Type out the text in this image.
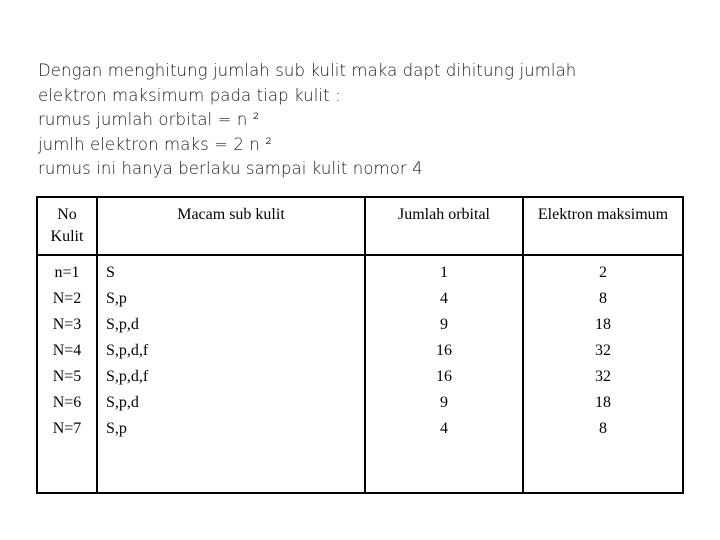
Dengan menghitung jumlah sub kulit maka dapt dihitung jumlah
elektron maksimum pada tiap kulit :
rumus jumlah orbital = n ²
jumlh elektron maks = 2 n ²
rumus ini hanya berlaku sampai kulit nomor 4
No
Kulit
Macam sub kulit	Jumlah orbital	Elektron maksimum
n=1
N=2
N=3
N=4
N=5
N=6
N=7
S
S,p
S,p,d
S,p,d,f
S,p,d,f
S,p,d
S,p
1
4
9
16
16
9
4
2
8
18
32
32
18
8
